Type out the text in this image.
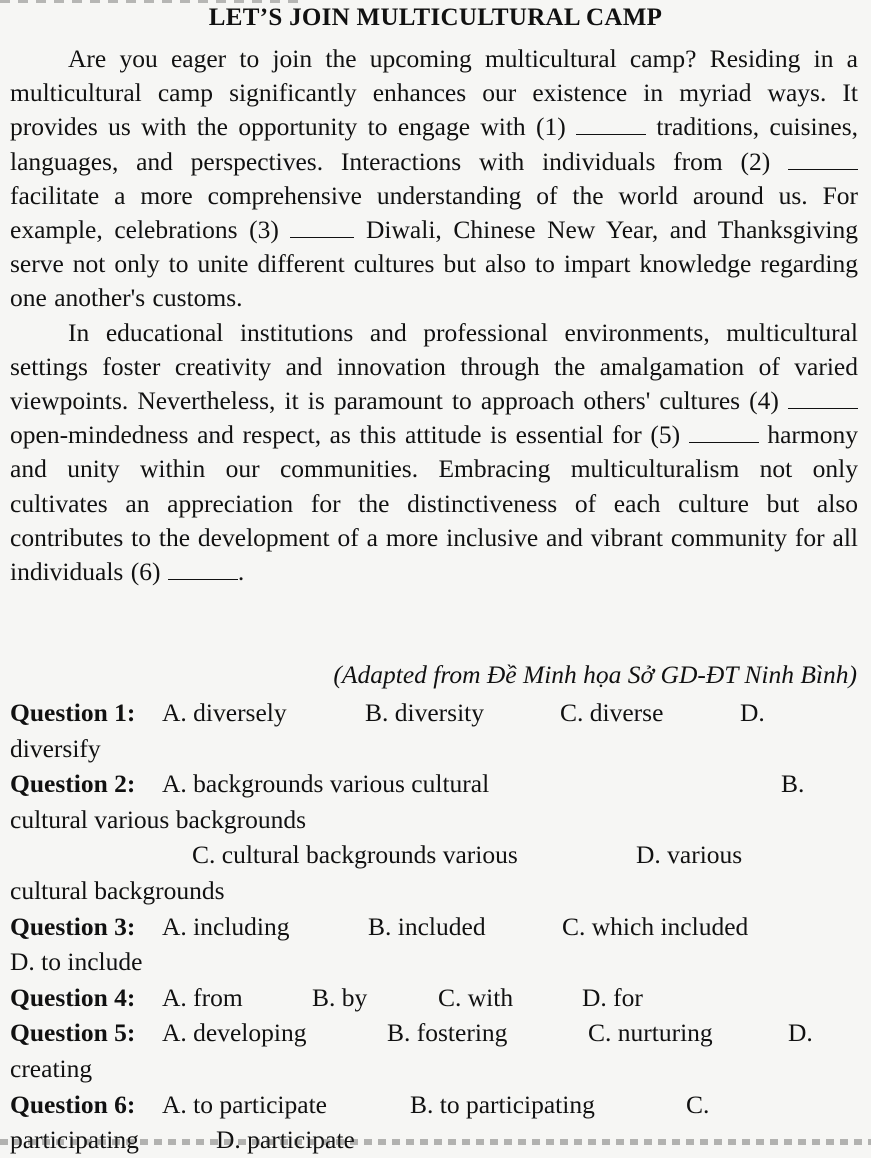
LET’S JOIN MULTICULTURAL CAMP

Are you eager to join the upcoming multicultural camp? Residing in a multicultural camp significantly enhances our existence in myriad ways. It provides us with the opportunity to engage with (1)	traditions, cuisines, languages, and perspectives. Interactions with individuals from (2)  facilitate a more comprehensive understanding of the world around us. For example, celebrations (3)	Diwali, Chinese New Year, and Thanksgiving serve not only to unite different cultures but also to impart knowledge regarding one another's customs.

In educational institutions and professional environments, multicultural settings foster creativity and innovation through the amalgamation of varied viewpoints. Nevertheless, it is paramount to approach others' cultures (4)  open-mindedness and respect, as this attitude is essential for (5)	harmony and unity within our communities. Embracing multiculturalism not only cultivates an appreciation for the distinctiveness of each culture but also contributes to the development of a more inclusive and vibrant community for all individuals (6)	.

(Adapted from Đề Minh họa Sở GD-ĐT Ninh Bình)
Question 1: A. diversely	B. diversity	C. diverse	D.
diversify
Question 2: A. backgrounds various cultural	B.
cultural various backgrounds
C. cultural backgrounds various	D. various
cultural backgrounds
Question 3: A. including	B. included	C. which included
D. to include
Question 4: A. from	B. by	C. with	D. for
Question 5: A. developing	B. fostering	C. nurturing	D.
creating
Question 6: A. to participate	B. to participating	C.
participating	D. participate
